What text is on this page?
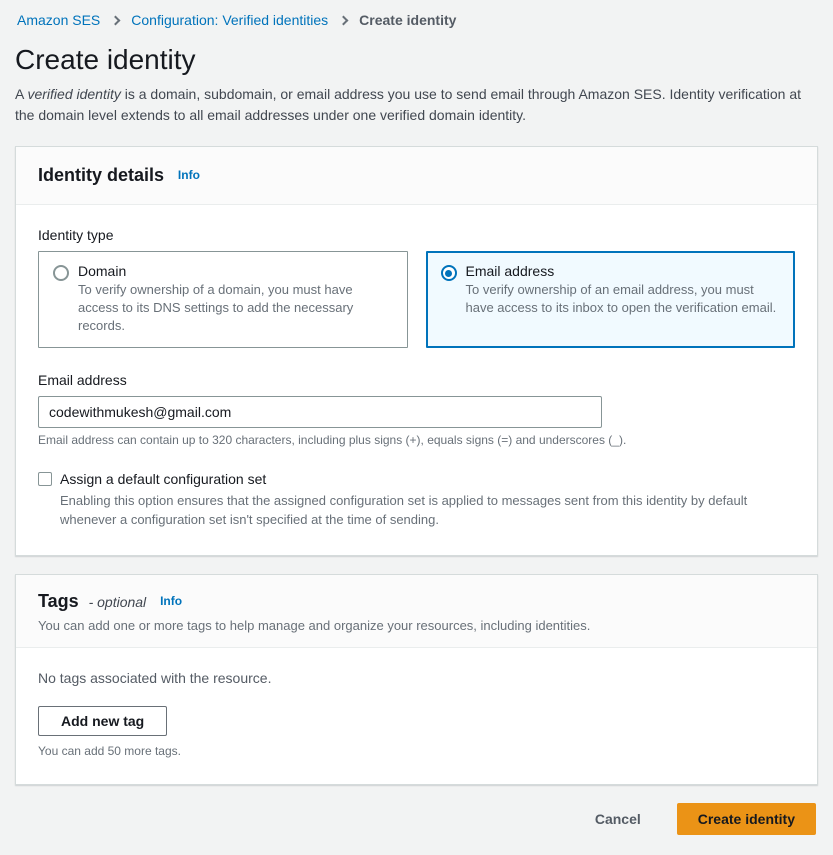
Amazon SES Configuration: Verified identities Create identity
Create identity

A verified identity is a domain, subdomain, or email address you use to send email through Amazon SES. Identity verification at the domain level extends to all email addresses under one verified domain identity.

Identity details Info
Identity type
Domain
To verify ownership of a domain, you must have access to its DNS settings to add the necessary records.
Email address
To verify ownership of an email address, you must have access to its inbox to open the verification email.
Email address
codewithmukesh@gmail.com
Email address can contain up to 320 characters, including plus signs (+), equals signs (=) and underscores (_).
Assign a default configuration set
Enabling this option ensures that the assigned configuration set is applied to messages sent from this identity by default whenever a configuration set isn't specified at the time of sending.
Tags - optional Info
You can add one or more tags to help manage and organize your resources, including identities.
No tags associated with the resource.
Add new tag
You can add 50 more tags.
Cancel	Create identity
